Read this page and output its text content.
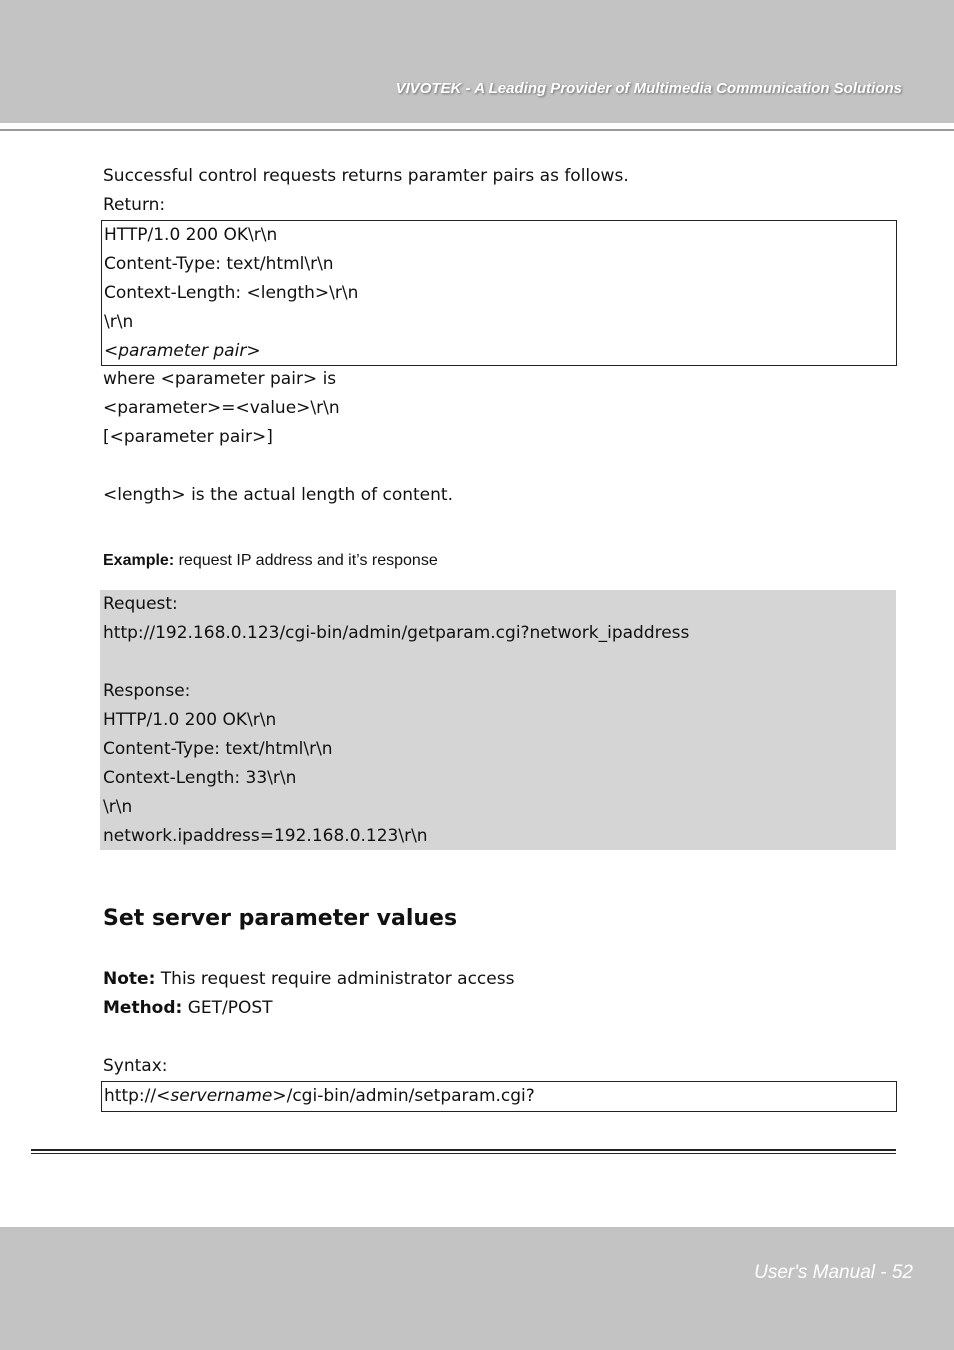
VIVOTEK - A Leading Provider of Multimedia Communication Solutions
Successful control requests returns paramter pairs as follows.
Return:
HTTP/1.0 200 OK\r\n
Content-Type: text/html\r\n
Context-Length: <length>\r\n
\r\n
<parameter pair>
where <parameter pair> is
<parameter>=<value>\r\n
[<parameter pair>]
<length> is the actual length of content.
Example: request IP address and it’s response
Request:
http://192.168.0.123/cgi-bin/admin/getparam.cgi?network_ipaddress
Response:
HTTP/1.0 200 OK\r\n
Content-Type: text/html\r\n
Context-Length: 33\r\n
\r\n
network.ipaddress=192.168.0.123\r\n
Set server parameter values
Note: This request require administrator access
Method: GET/POST
Syntax:
http://<servername>/cgi-bin/admin/setparam.cgi?
User's Manual - 52
